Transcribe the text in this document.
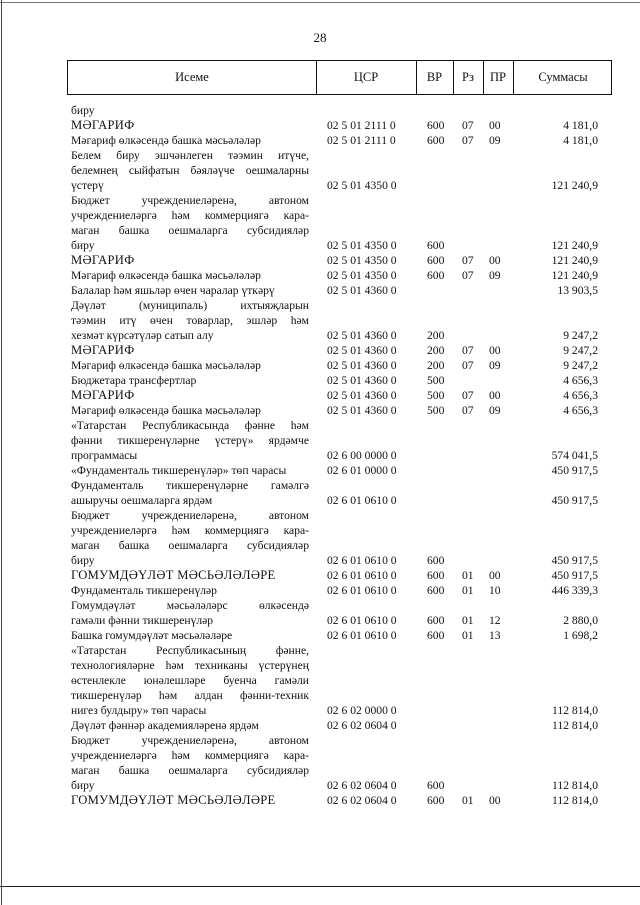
28
Исеме	ЦСР	ВР	Рз	ПР	Суммасы
биру
МӘГАРИФ	02 5 01 2111 0	600 07 00	4 181,0
Мәгариф өлкәсендә башка мәсьәләләр	02 5 01 2111 0	600 07 09	4 181,0
Белем биру эшчәнлеген тәэмин итүче,
белемнең сыйфатын бәяләүче оешмаларны
үстерү	02 5 01 4350 0	121 240,9
Бюджет учреждениеләренә, автоном
учреждениеләргә һәм коммерциягә кара-
маган башка оешмаларга субсидияләр
биру	02 5 01 4350 0	600	121 240,9
МӘГАРИФ	02 5 01 4350 0	600 07 00	121 240,9
Мәгариф өлкәсендә башка мәсьәләләр	02 5 01 4350 0	600 07 09	121 240,9
Балалар һәм яшьләр өчен чаралар үткәрү	02 5 01 4360 0	13 903,5
Дәүләт (муниципаль) ихтыяҗларын
тәэмин итү өчен товарлар, эшләр һәм
хезмәт күрсәтүләр сатып алу	02 5 01 4360 0	200	9 247,2
МӘГАРИФ	02 5 01 4360 0	200 07 00	9 247,2
Мәгариф өлкәсендә башка мәсьәләләр	02 5 01 4360 0	200 07 09	9 247,2
Бюджетара трансфертлар	02 5 01 4360 0	500	4 656,3
МӘГАРИФ	02 5 01 4360 0	500 07 00	4 656,3
Мәгариф өлкәсендә башка мәсьәләләр	02 5 01 4360 0	500 07 09	4 656,3
«Татарстан Республикасында фәнне һәм
фәнни тикшеренүләрне үстерү» ярдәмче
программасы	02 6 00 0000 0	574 041,5
«Фундаменталь тикшеренүләр» төп чарасы	02 6 01 0000 0	450 917,5
Фундаменталь тикшеренүләрне гамәлгә
ашыручы оешмаларга ярдәм	02 6 01 0610 0	450 917,5
Бюджет учреждениеләренә, автоном
учреждениеләргә һәм коммерциягә кара-
маган башка оешмаларга субсидияләр
биру	02 6 01 0610 0	600	450 917,5
ГОМУМДӘҮЛӘТ МӘСЬӘЛӘЛӘРЕ	02 6 01 0610 0	600 01 00	450 917,5
Фундаменталь тикшеренүләр	02 6 01 0610 0	600 01 10	446 339,3
Гомумдәүләт мәсьәләләрс өлкәсендә
гамәли фәнни тикшеренүләр	02 6 01 0610 0	600 01 12	2 880,0
Башка гомумдәүләт мәсьәләләре	02 6 01 0610 0	600 01 13	1 698,2
«Татарстан Республикасының фәнне,
технологияләрне һәм техниканы үстерүнең
өстенлекле юнәлешләре буенча гамәли
тикшеренүләр һәм алдан фәнни-техник
нигез булдыру» төп чарасы	02 6 02 0000 0	112 814,0
Дәүләт фәннәр академияләренә ярдәм	02 6 02 0604 0	112 814,0
Бюджет учреждениеләренә, автоном
учреждениеләргә һәм коммерциягә кара-
маган башка оешмаларга субсидияләр
биру	02 6 02 0604 0	600	112 814,0
ГОМУМДӘҮЛӘТ МӘСЬӘЛӘЛӘРЕ	02 6 02 0604 0	600 01 00	112 814,0
